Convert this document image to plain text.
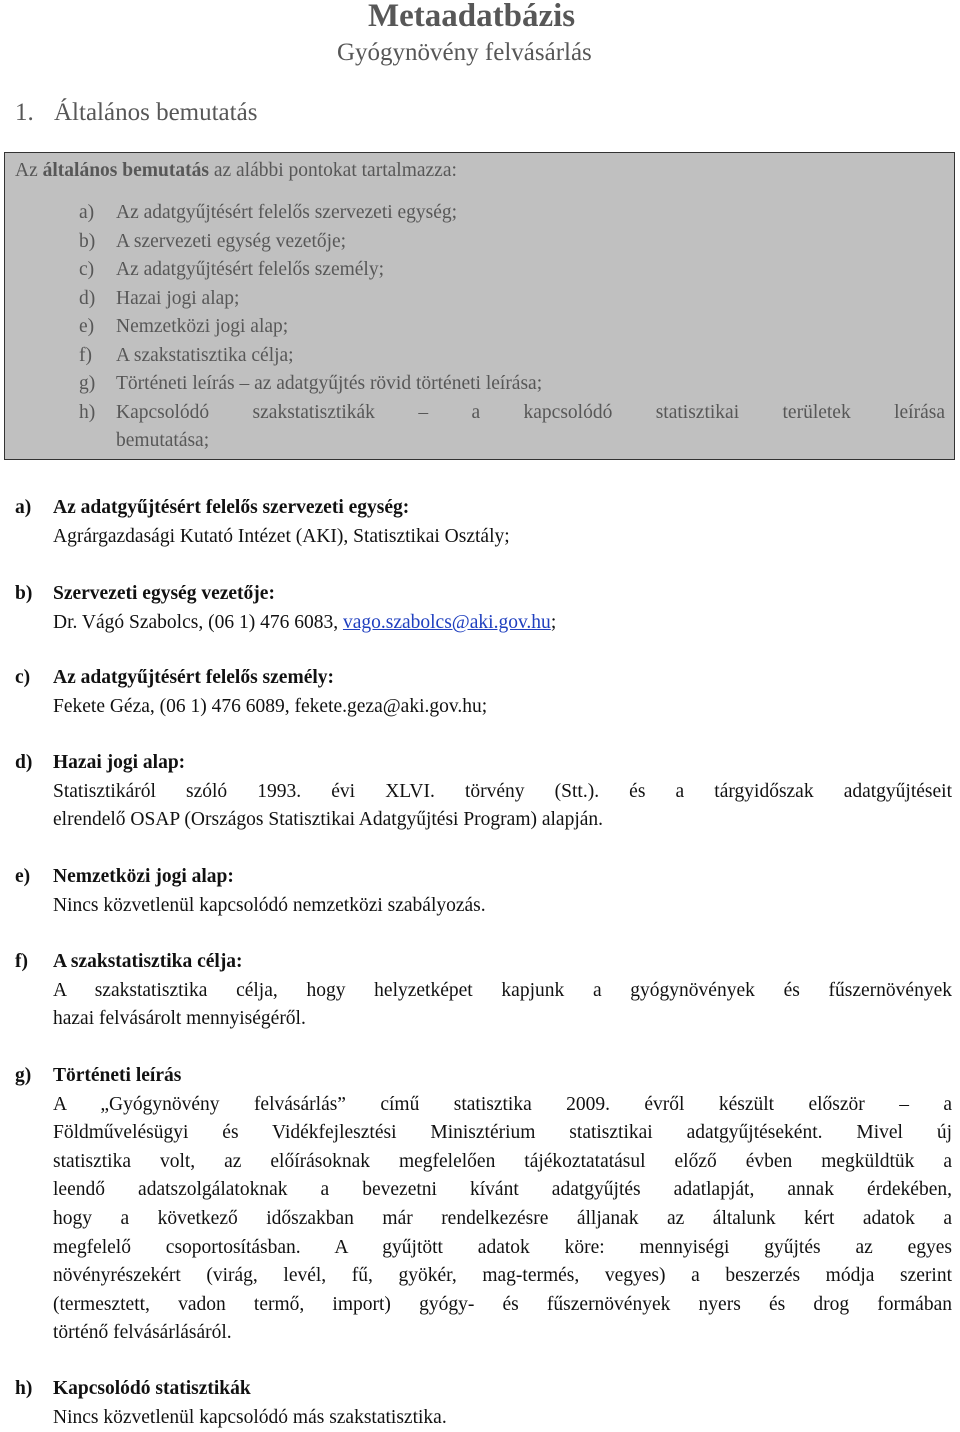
Metaadatbázis
Gyógynövény felvásárlás
1. Általános bemutatás
Az általános bemutatás az alábbi pontokat tartalmazza:
a)	Az adatgyűjtésért felelős szervezeti egység;
b)	A szervezeti egység vezetője;
c)	Az adatgyűjtésért felelős személy;
d)	Hazai jogi alap;
e)	Nemzetközi jogi alap;
f)	A szakstatisztika célja;
g)	Történeti leírás – az adatgyűjtés rövid történeti leírása;
h)	Kapcsolódó szakstatisztikák – a kapcsolódó statisztikai területek leírása
bemutatása;
a)	Az adatgyűjtésért felelős szervezeti egység:
Agrárgazdasági Kutató Intézet (AKI), Statisztikai Osztály;
b)	Szervezeti egység vezetője:
Dr. Vágó Szabolcs, (06 1) 476 6083, vago.szabolcs@aki.gov.hu;
c)	Az adatgyűjtésért felelős személy:
Fekete Géza, (06 1) 476 6089, fekete.geza@aki.gov.hu;
d)	Hazai jogi alap:
Statisztikáról szóló 1993. évi XLVI. törvény (Stt.). és a tárgyidőszak adatgyűjtéseit
elrendelő OSAP (Országos Statisztikai Adatgyűjtési Program) alapján.
e)	Nemzetközi jogi alap:
Nincs közvetlenül kapcsolódó nemzetközi szabályozás.
f)	A szakstatisztika célja:
A szakstatisztika célja, hogy helyzetképet kapjunk a gyógynövények és fűszernövények
hazai felvásárolt mennyiségéről.
g)	Történeti leírás
A „Gyógynövény felvásárlás” című statisztika 2009. évről készült először – a
Földművelésügyi és Vidékfejlesztési Minisztérium statisztikai adatgyűjtéseként. Mivel új
statisztika volt, az előírásoknak megfelelően tájékoztatatásul előző évben megküldtük a
leendő adatszolgálatoknak a bevezetni kívánt adatgyűjtés adatlapját, annak érdekében,
hogy a következő időszakban már rendelkezésre álljanak az általunk kért adatok a
megfelelő csoportosításban. A gyűjtött adatok köre: mennyiségi gyűjtés az egyes
növényrészekért (virág, levél, fű, gyökér, mag-termés, vegyes) a beszerzés módja szerint
(termesztett, vadon termő, import) gyógy- és fűszernövények nyers és drog formában
történő felvásárlásáról.
h)	Kapcsolódó statisztikák
Nincs közvetlenül kapcsolódó más szakstatisztika.
